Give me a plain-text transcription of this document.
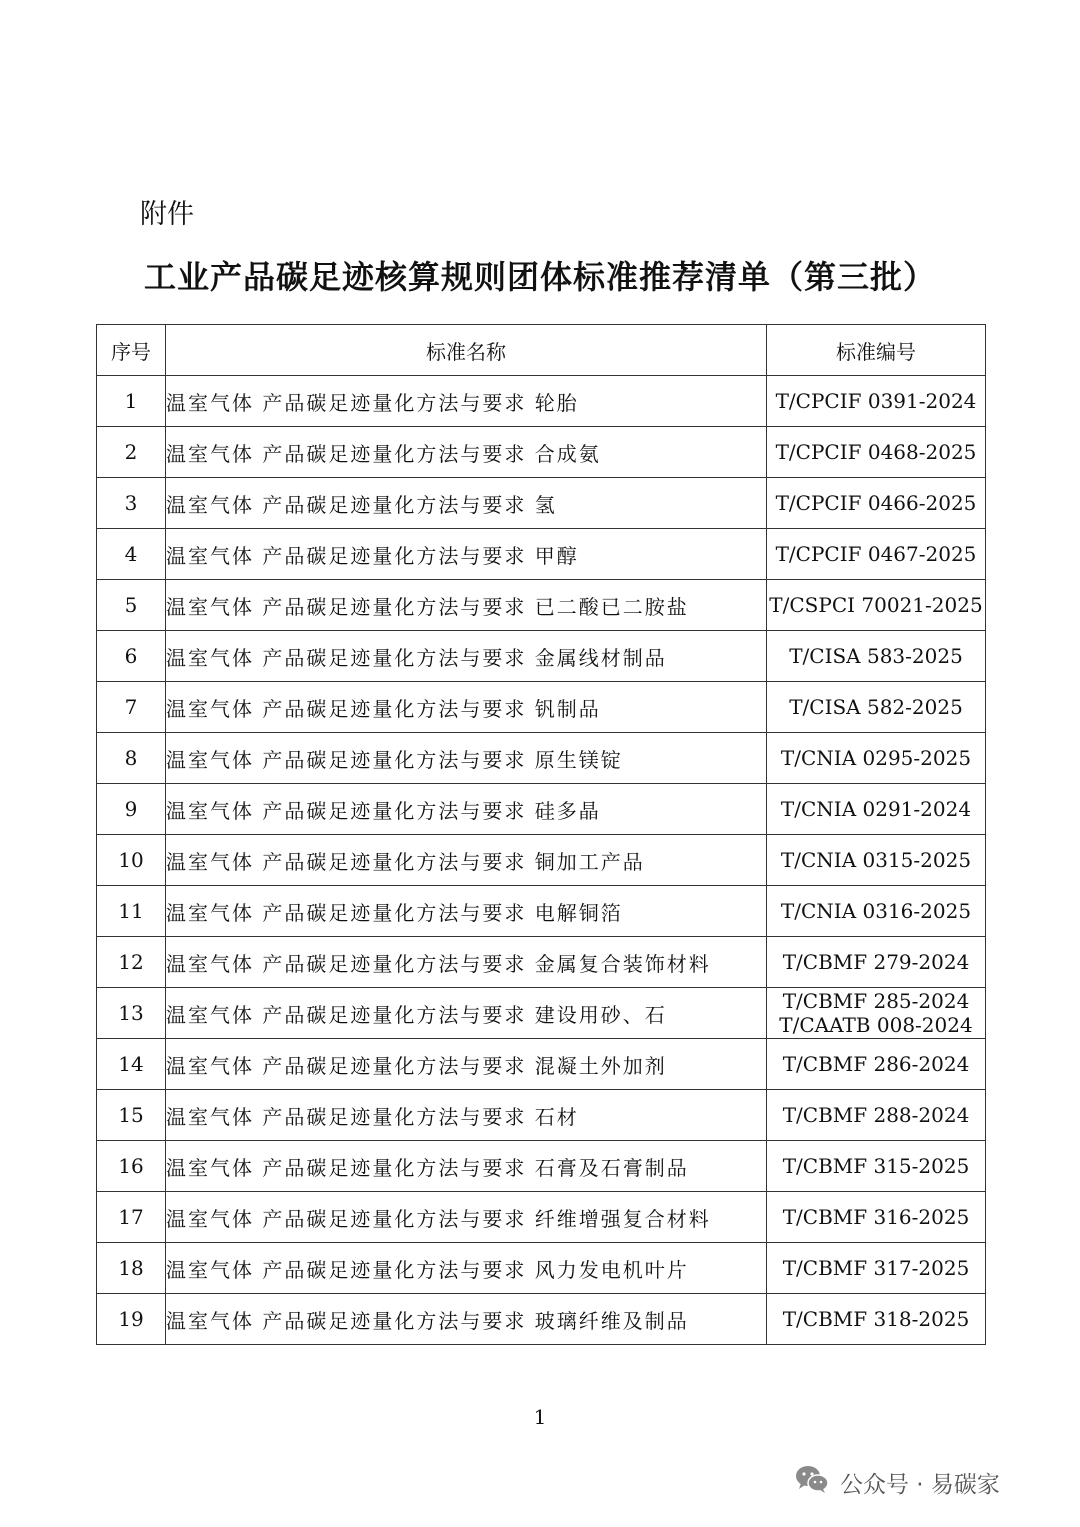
附件
工业产品碳足迹核算规则团体标准推荐清单（第三批）
序号	标准名称	标准编号
1	温室气体 产品碳足迹量化方法与要求 轮胎	T/CPCIF 0391-2024

2	温室气体 产品碳足迹量化方法与要求 合成氨	T/CPCIF 0468-2025

3	温室气体 产品碳足迹量化方法与要求 氢	T/CPCIF 0466-2025

4	温室气体 产品碳足迹量化方法与要求 甲醇	T/CPCIF 0467-2025

5	温室气体 产品碳足迹量化方法与要求 已二酸已二胺盐	T/CSPCI 70021-2025

6	温室气体 产品碳足迹量化方法与要求 金属线材制品	T/CISA 583-2025

7	温室气体 产品碳足迹量化方法与要求 钒制品	T/CISA 582-2025

8	温室气体 产品碳足迹量化方法与要求 原生镁锭	T/CNIA 0295-2025

9	温室气体 产品碳足迹量化方法与要求 硅多晶	T/CNIA 0291-2024

10	温室气体 产品碳足迹量化方法与要求 铜加工产品	T/CNIA 0315-2025

11	温室气体 产品碳足迹量化方法与要求 电解铜箔	T/CNIA 0316-2025

12	温室气体 产品碳足迹量化方法与要求 金属复合装饰材料	T/CBMF 279-2024

13	温室气体 产品碳足迹量化方法与要求 建设用砂、石	T/CBMF 285-2024
T/CAATB 008-2024

14	温室气体 产品碳足迹量化方法与要求 混凝土外加剂	T/CBMF 286-2024

15	温室气体 产品碳足迹量化方法与要求 石材	T/CBMF 288-2024

16	温室气体 产品碳足迹量化方法与要求 石膏及石膏制品	T/CBMF 315-2025

17	温室气体 产品碳足迹量化方法与要求 纤维增强复合材料	T/CBMF 316-2025

18	温室气体 产品碳足迹量化方法与要求 风力发电机叶片	T/CBMF 317-2025

19	温室气体 产品碳足迹量化方法与要求 玻璃纤维及制品	T/CBMF 318-2025
1
公众号 · 易碳家
